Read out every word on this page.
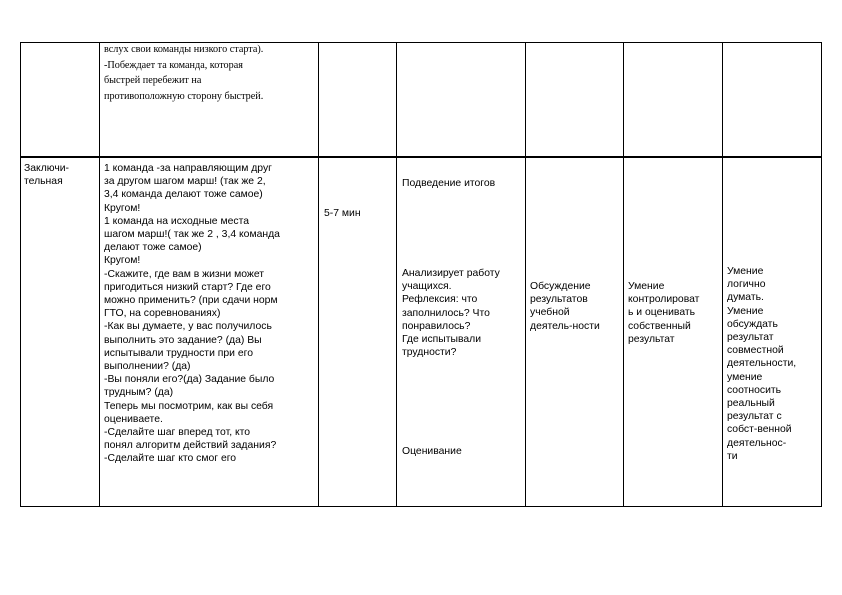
вслух свои команды низкого старта).
-Побеждает та команда, которая
быстрей перебежит на
противоположную сторону быстрей.
Заключи-
тельная
1 команда -за направляющим друг
за другом шагом марш! (так же 2,
3,4 команда делают тоже самое)
Кругом!
1 команда на исходные места
шагом марш!( так же 2 , 3,4 команда
делают тоже самое)
Кругом!
-Скажите, где вам в жизни может
пригодиться низкий старт? Где его
можно применить? (при сдачи норм
ГТО, на соревнованиях)
-Как вы думаете, у вас получилось
выполнить это задание? (да) Вы
испытывали трудности при его
выполнении? (да)
-Вы поняли его?(да) Задание было
трудным? (да)
Теперь мы посмотрим, как вы себя
оцениваете.
-Сделайте шаг вперед тот, кто
понял алгоритм действий задания?
-Сделайте шаг кто смог его
5-7 мин
Подведение итогов
Анализирует работу
учащихся.
Рефлексия: что
заполнилось? Что
понравилось?
Где испытывали
трудности?
Оценивание
Обсуждение
результатов
учебной
деятель-ности
Умение
контролироват
ь и оценивать
собственный
результат
Умение
логично
думать.
Умение
обсуждать
результат
совместной
деятельности,
умение
соотносить
реальный
результат с
собст-венной
деятельнос-
ти
